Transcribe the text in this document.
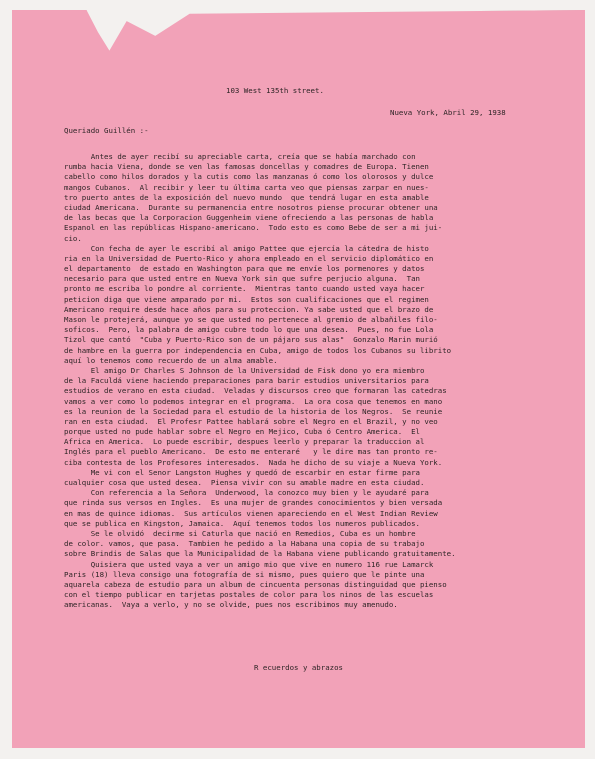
103 West 135th street.
Nueva York, Abril 29, 1938
Queriado Guillén :-
Antes de ayer recibí su apreciable carta, creía que se había marchado con
rumba hacia Viena, donde se ven las famosas doncellas y comadres de Europa. Tienen
cabello como hilos dorados y la cutis como las manzanas ó como los olorosos y dulce
mangos Cubanos.  Al recibir y leer tu última carta veo que piensas zarpar en nues-
tro puerto antes de la exposición del nuevo mundo  que tendrá lugar en esta amable
ciudad Americana.  Durante su permanencia entre nosotros piense procurar obtener una
de las becas que la Corporacion Guggenheim viene ofreciendo a las personas de habla
Espanol en las repúblicas Hispano-americano.  Todo esto es como Bebe de ser a mi jui-
cio.
Con fecha de ayer le escribí al amigo Pattee que ejercía la cátedra de histo
ria en la Universidad de Puerto-Rico y ahora empleado en el servicio diplomático en
el departamento  de estado en Washington para que me envíe los pormenores y datos
necesario para que usted entre en Nueva York sin que sufre perjucio alguna.  Tan
pronto me escriba lo pondre al corriente.  Mientras tanto cuando usted vaya hacer
peticion diga que viene amparado por mi.  Estos son cualificaciones que el regimen
Americano require desde hace años para su proteccion. Ya sabe usted que el brazo de
Mason le protejerá, aunque yo se que usted no pertenece al gremio de albañiles filo-
soficos.  Pero, la palabra de amigo cubre todo lo que una desea.  Pues, no fue Lola
Tizol que cantó  "Cuba y Puerto-Rico son de un pájaro sus alas"  Gonzalo Marin murió
de hambre en la guerra por independencia en Cuba, amigo de todos los Cubanos su librito
aquí lo tenemos como recuerdo de un alma amable.
El amigo Dr Charles S Johnson de la Universidad de Fisk dono yo era miembro
de la Faculdá viene haciendo preparaciones para barir estudios universitarios para
estudios de verano en esta ciudad.  Veladas y discursos creo que formaran las catedras
vamos a ver como lo podemos integrar en el programa.  La ora cosa que tenemos en mano
es la reunion de la Sociedad para el estudio de la historia de los Negros.  Se reunie
ran en esta ciudad.  El Profesr Pattee hablará sobre el Negro en el Brazil, y no veo
porque usted no pude hablar sobre el Negro en Mejico, Cuba ó Centro America.  El
Africa en America.  Lo puede escribir, despues leerlo y preparar la traduccion al
Inglés para el pueblo Americano.  De esto me enteraré   y le dire mas tan pronto re-
ciba contesta de los Profesores interesados.  Nada he dicho de su viaje a Nueva York.
Me vi con el Senor Langston Hughes y quedó de escarbir en estar firme para
cualquier cosa que usted desea.  Piensa vivir con su amable madre en esta ciudad.
Con referencia a la Señora  Underwood, la conozco muy bien y le ayudaré para
que rinda sus versos en Ingles.  Es una mujer de grandes conocimientos y bien versada
en mas de quince idiomas.  Sus artículos vienen apareciendo en el West Indian Review
que se publica en Kingston, Jamaica.  Aquí tenemos todos los numeros publicados.
Se le olvidó  decirme si Caturla que nació en Remedios, Cuba es un hombre
de color. vamos, que pasa.  Tambien he pedido a la Habana una copia de su trabajo
sobre Brindis de Salas que la Municipalidad de la Habana viene publicando gratuitamente.
Quisiera que usted vaya a ver un amigo mio que vive en numero 116 rue Lamarck
Paris (18) lleva consigo una fotografía de si mismo, pues quiero que le pinte una
aquarela cabeza de estudio para un album de cincuenta personas distinguidad que pienso
con el tiempo publicar en tarjetas postales de color para los ninos de las escuelas
americanas.  Vaya a verlo, y no se olvide, pues nos escribimos muy amenudo.
R ecuerdos y abrazos
